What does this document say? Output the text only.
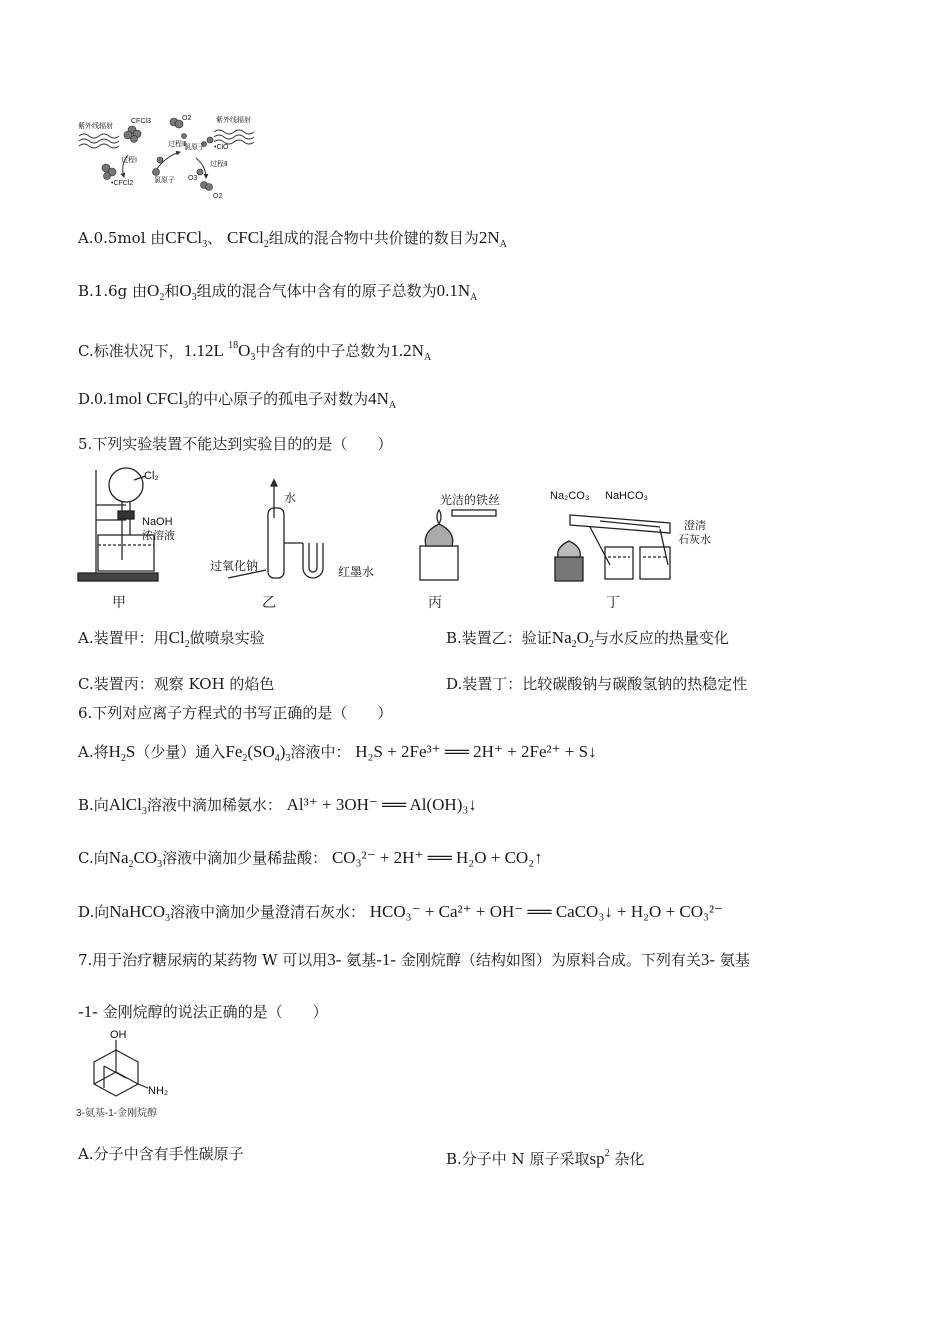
紫外线辐射
紫外线辐射
CFCl3	O2
氯原子 •ClO
过程Ⅰ
过程Ⅱ
过程Ⅲ
•CFCl2	氯原子 O3
O2
A.0.5mol 由CFCl$_3$、 CFCl$_2$组成的混合物中共价键的数目为$2N_A$
B.1.6g 由$O_2$和$O_3$组成的混合气体中含有的原子总数为$0.1N_A$
C.标准状况下，1.12L $^{18}O_3$中含有的中子总数为$1.2N_A$
D.0.1mol CFCl$_3$的中心原子的孤电子对数为$4N_A$
5.下列实验装置不能达到实验目的的是（　　）
Cl₂
NaOH
浓溶液
水
过氧化钠	红墨水
光洁的铁丝	Na₂CO₃ NaHCO₃
澄清
石灰水
甲	乙	丙	丁
A.装置甲：用$Cl_2$做喷泉实验	B.装置乙：验证$Na_2O_2$与水反应的热量变化
C.装置丙：观察 KOH 的焰色	D.装置丁：比较碳酸钠与碳酸氢钠的热稳定性
6.下列对应离子方程式的书写正确的是（　　）
A.将$H_2S$（少量）通入$Fe_2(SO_4)_3$溶液中： H₂S + 2Fe³⁺ ══ 2H⁺ + 2Fe²⁺ + S↓
B.向AlCl$_3$溶液中滴加稀氨水： Al³⁺ + 3OH⁻ ══ Al(OH)₃↓
C.向$Na_2CO_3$溶液中滴加少量稀盐酸： CO₃²⁻ + 2H⁺ ══ H₂O + CO₂↑
D.向NaHCO$_3$溶液中滴加少量澄清石灰水： HCO₃⁻ + Ca²⁺ + OH⁻ ══ CaCO₃↓ + H₂O + CO₃²⁻
7.用于治疗糖尿病的某药物 W 可以用3- 氨基-1- 金刚烷醇（结构如图）为原料合成。下列有关3- 氨基
-1- 金刚烷醇的说法正确的是（　　）
OH
NH₂
3-氨基-1-金刚烷醇
A.分子中含有手性碳原子	B.分子中 N 原子采取$sp^2$ 杂化
